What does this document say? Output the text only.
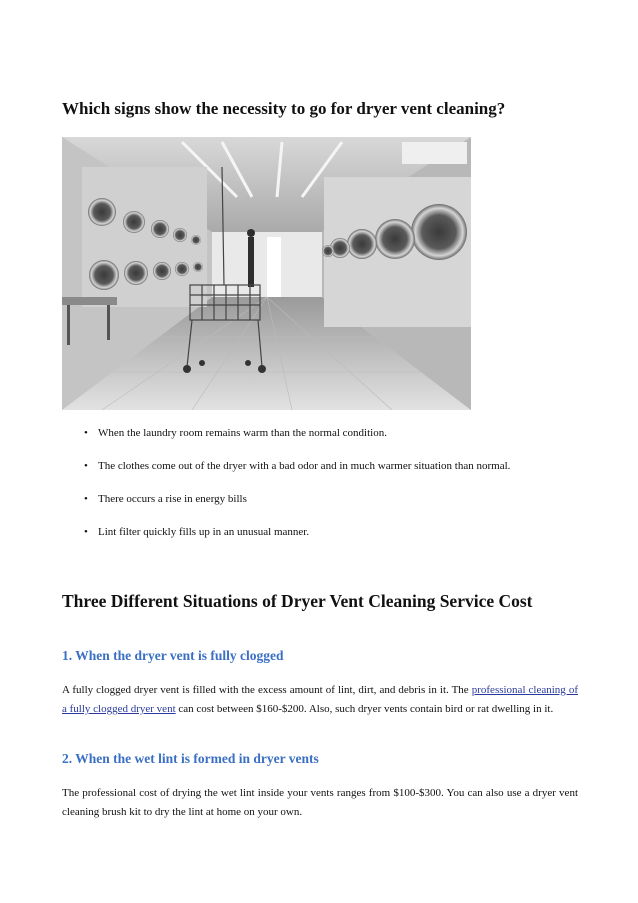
Which signs show the necessity to go for dryer vent cleaning?
• When the laundry room remains warm than the normal condition.
• The clothes come out of the dryer with a bad odor and in much warmer situation than normal.
• There occurs a rise in energy bills
• Lint filter quickly fills up in an unusual manner.
Three Different Situations of Dryer Vent Cleaning Service Cost
1. When the dryer vent is fully clogged

A fully clogged dryer vent is filled with the excess amount of lint, dirt, and debris in it. The professional cleaning of a fully clogged dryer vent can cost between $160-$200. Also, such dryer vents contain bird or rat dwelling in it.

2. When the wet lint is formed in dryer vents

The professional cost of drying the wet lint inside your vents ranges from $100-$300. You can also use a dryer vent cleaning brush kit to dry the lint at home on your own.
